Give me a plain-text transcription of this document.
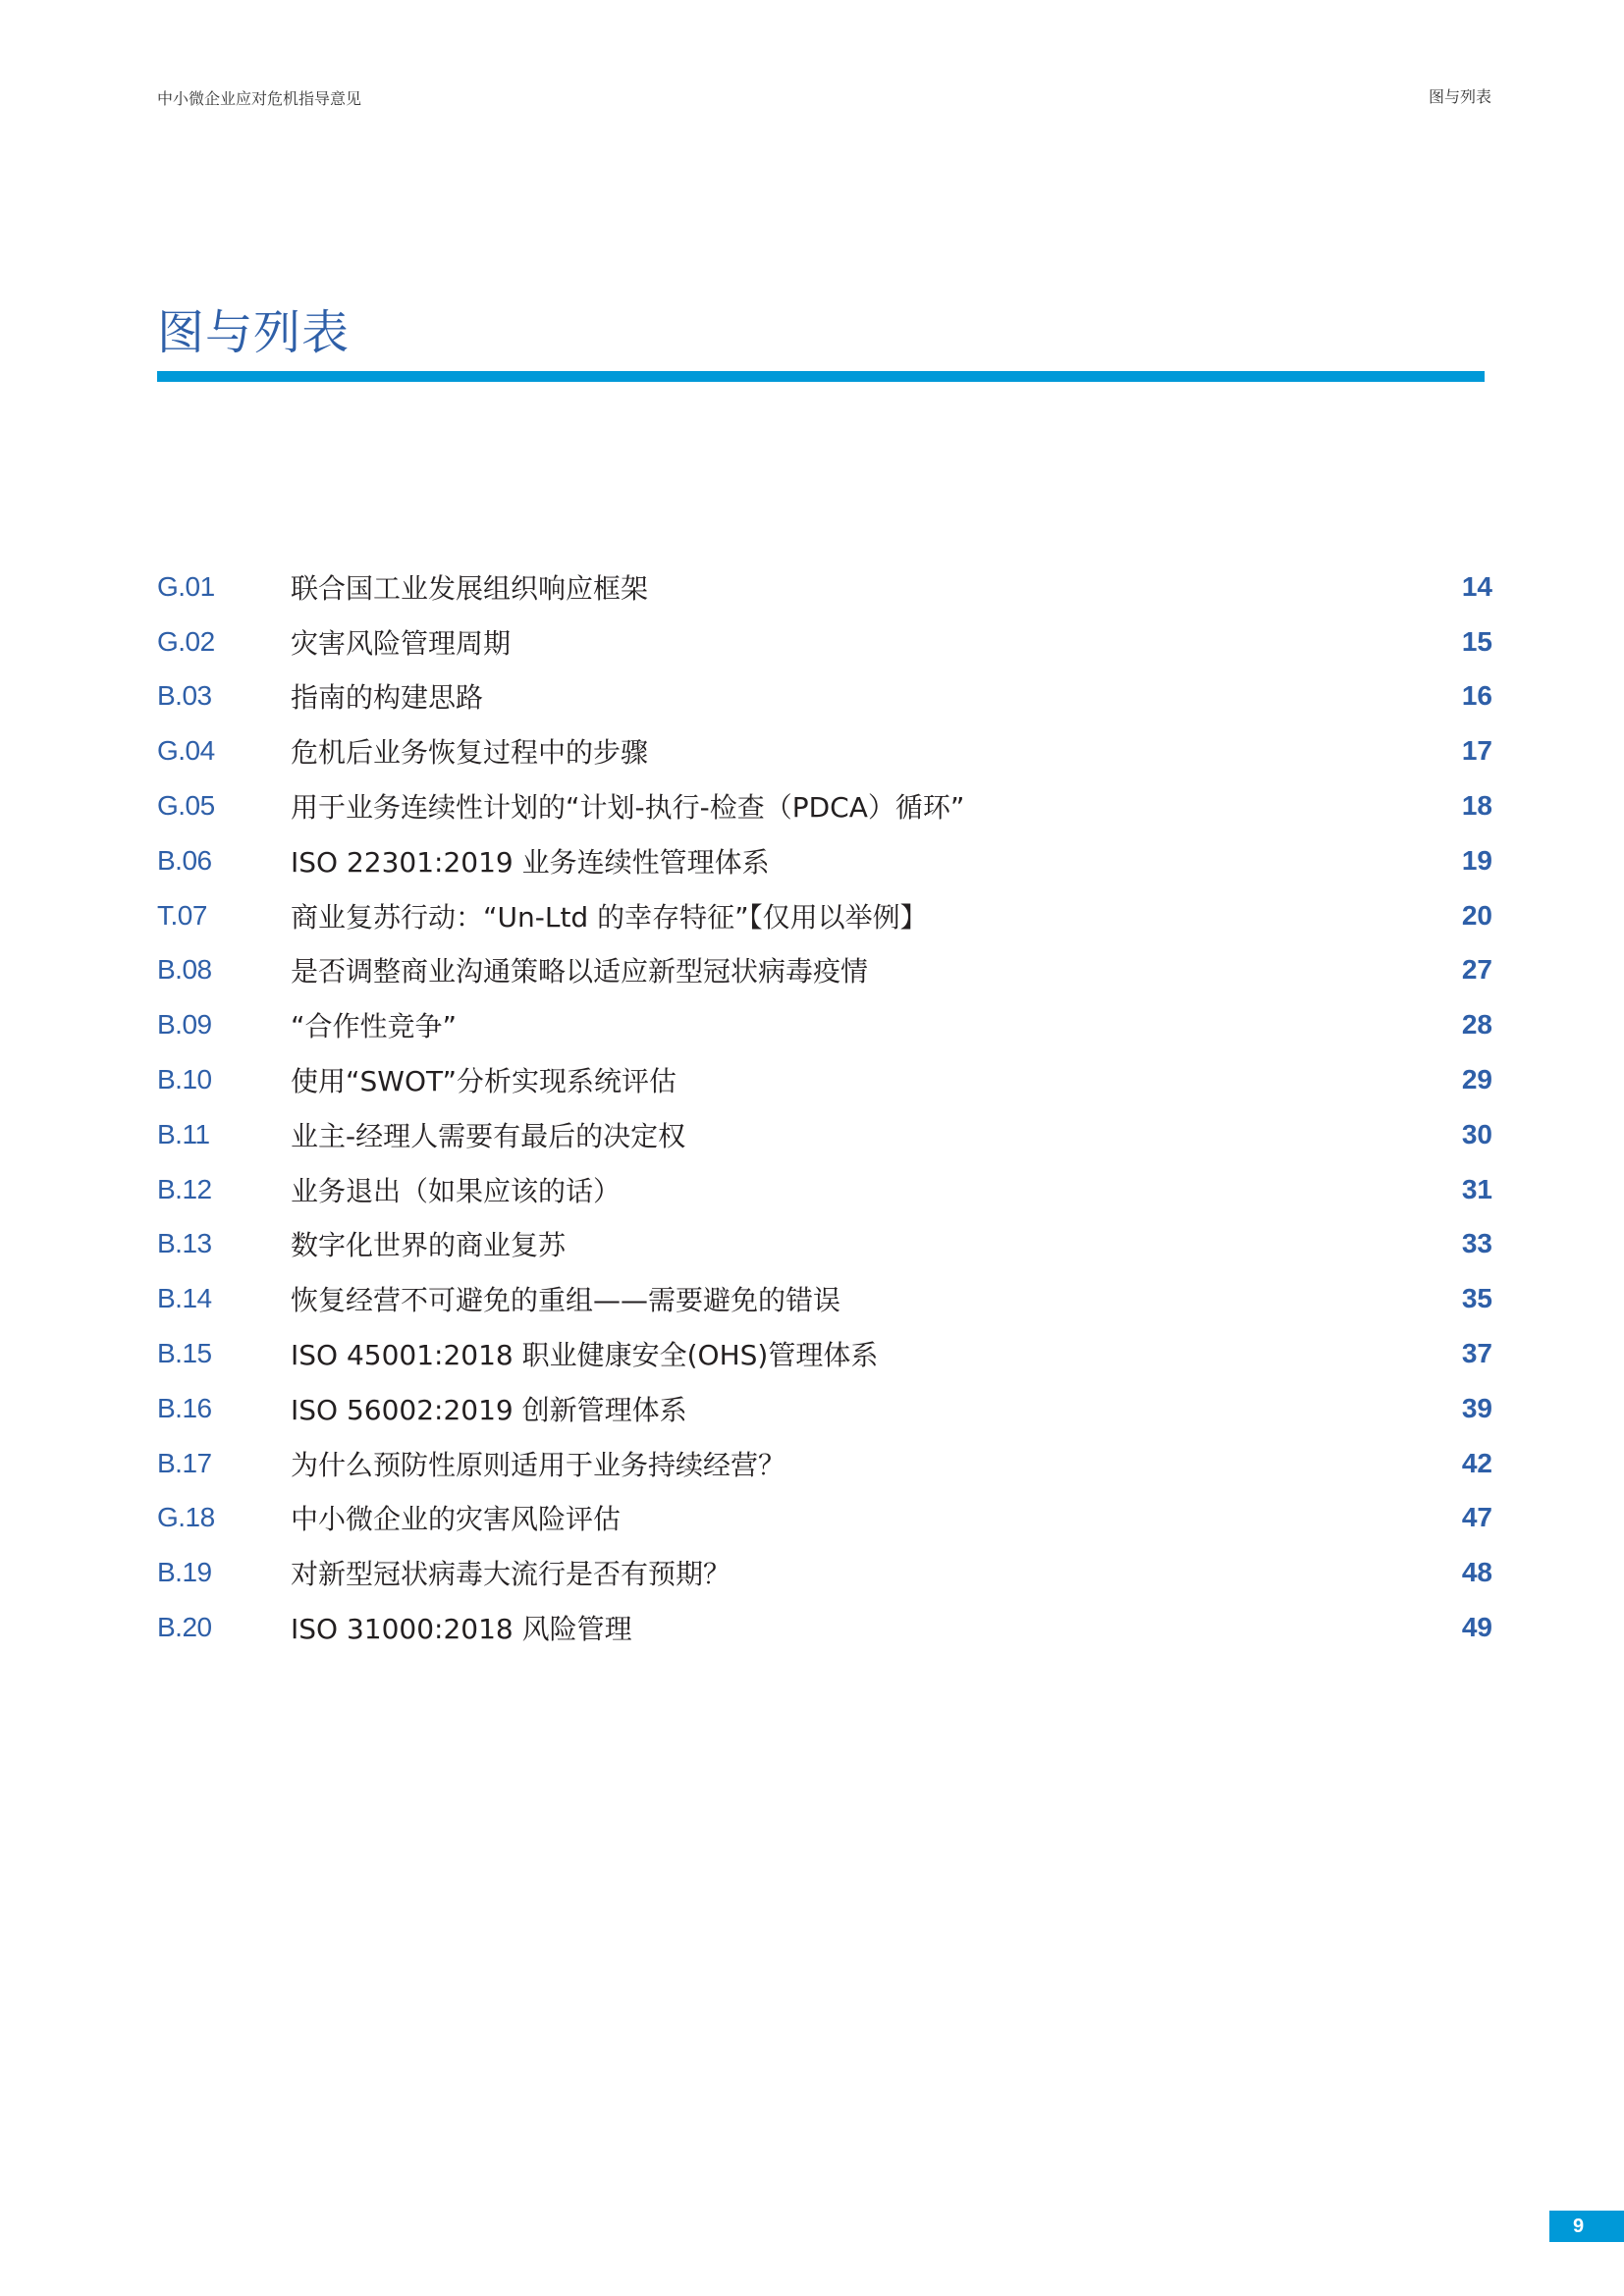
中小微企业应对危机指导意见	图与列表
图与列表
G.01	联合国工业发展组织响应框架	14
G.02	灾害风险管理周期	15
B.03	指南的构建思路	16
G.04	危机后业务恢复过程中的步骤	17
G.05	用于业务连续性计划的“计划-执行-检查（PDCA）循环”	18
B.06	ISO 22301:2019 业务连续性管理体系	19
T.07	商业复苏行动：“Un-Ltd 的幸存特征”【仅用以举例】	20
B.08	是否调整商业沟通策略以适应新型冠状病毒疫情	27
B.09	“合作性竞争”	28
B.10	使用“SWOT”分析实现系统评估	29
B.11	业主-经理人需要有最后的决定权	30
B.12	业务退出（如果应该的话）	31
B.13	数字化世界的商业复苏	33
B.14	恢复经营不可避免的重组——需要避免的错误	35
B.15	ISO 45001:2018 职业健康安全(OHS)管理体系	37
B.16	ISO 56002:2019 创新管理体系	39
B.17	为什么预防性原则适用于业务持续经营？	42
G.18	中小微企业的灾害风险评估	47
B.19	对新型冠状病毒大流行是否有预期？	48
B.20	ISO 31000:2018 风险管理	49
9
